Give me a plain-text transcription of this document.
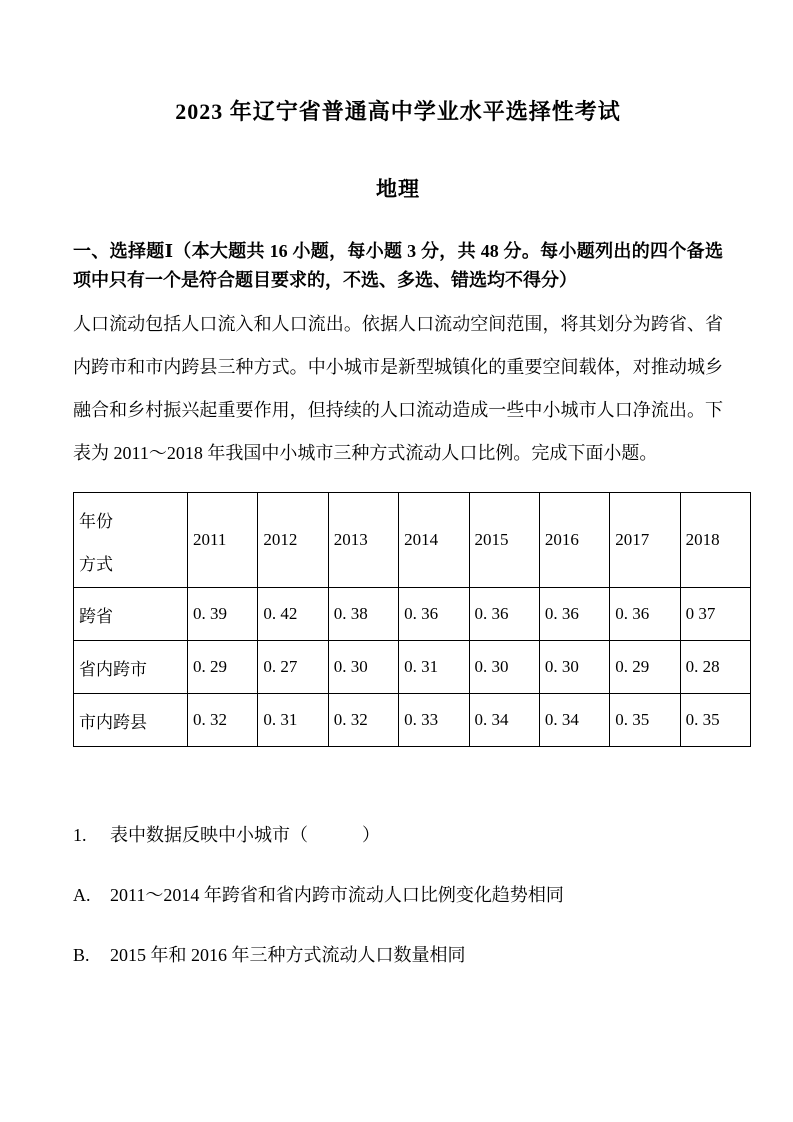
2023 年辽宁省普通高中学业水平选择性考试
地理

一、选择题Ⅰ（本大题共 16 小题，每小题 3 分，共 48 分。每小题列出的四个备选项中只有一个是符合题目要求的，不选、多选、错选均不得分）

人口流动包括人口流入和人口流出。依据人口流动空间范围，将其划分为跨省、省内跨市和市内跨县三种方式。中小城市是新型城镇化的重要空间载体，对推动城乡融合和乡村振兴起重要作用，但持续的人口流动造成一些中小城市人口净流出。下表为 2011～2018 年我国中小城市三种方式流动人口比例。完成下面小题。

年份
方式	2011	2012	2013	2014	2015	2016	2017	2018
跨省	0. 39	0. 42	0. 38	0. 36	0. 36	0. 36	0. 36	0 37
省内跨市	0. 29	0. 27	0. 30	0. 31	0. 30	0. 30	0. 29	0. 28
市内跨县	0. 32	0. 31	0. 32	0. 33	0. 34	0. 34	0. 35	0. 35
1.	表中数据反映中小城市（　　　）
A.	2011～2014 年跨省和省内跨市流动人口比例变化趋势相同
B.	2015 年和 2016 年三种方式流动人口数量相同
